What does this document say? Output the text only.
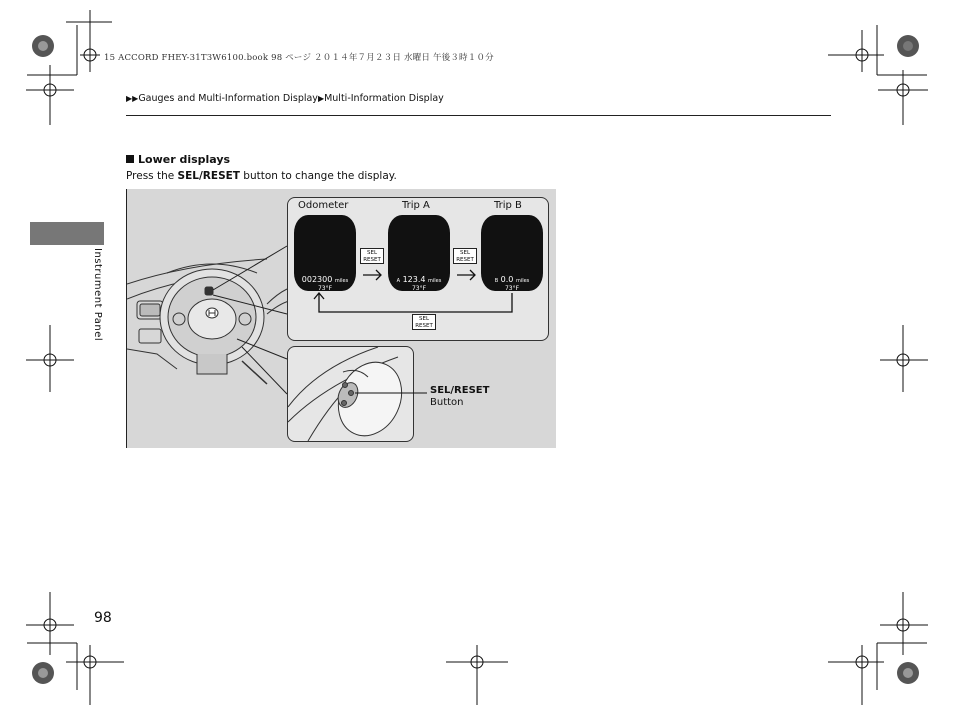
15 ACCORD FHEY-31T3W6100.book 98 ページ ２０１４年７月２３日 水曜日 午後３時１０分
▶▶Gauges and Multi-Information Display▶Multi-Information Display
Lower displays
Press the SEL/RESET button to change the display.
Instrument Panel
98
Odometer	Trip A	Trip B
002300 miles
73°F
A 123.4 miles
73°F
B 0.0 miles
73°F
SEL
RESET
SEL
RESET
SEL
RESET
SEL/RESET
Button
